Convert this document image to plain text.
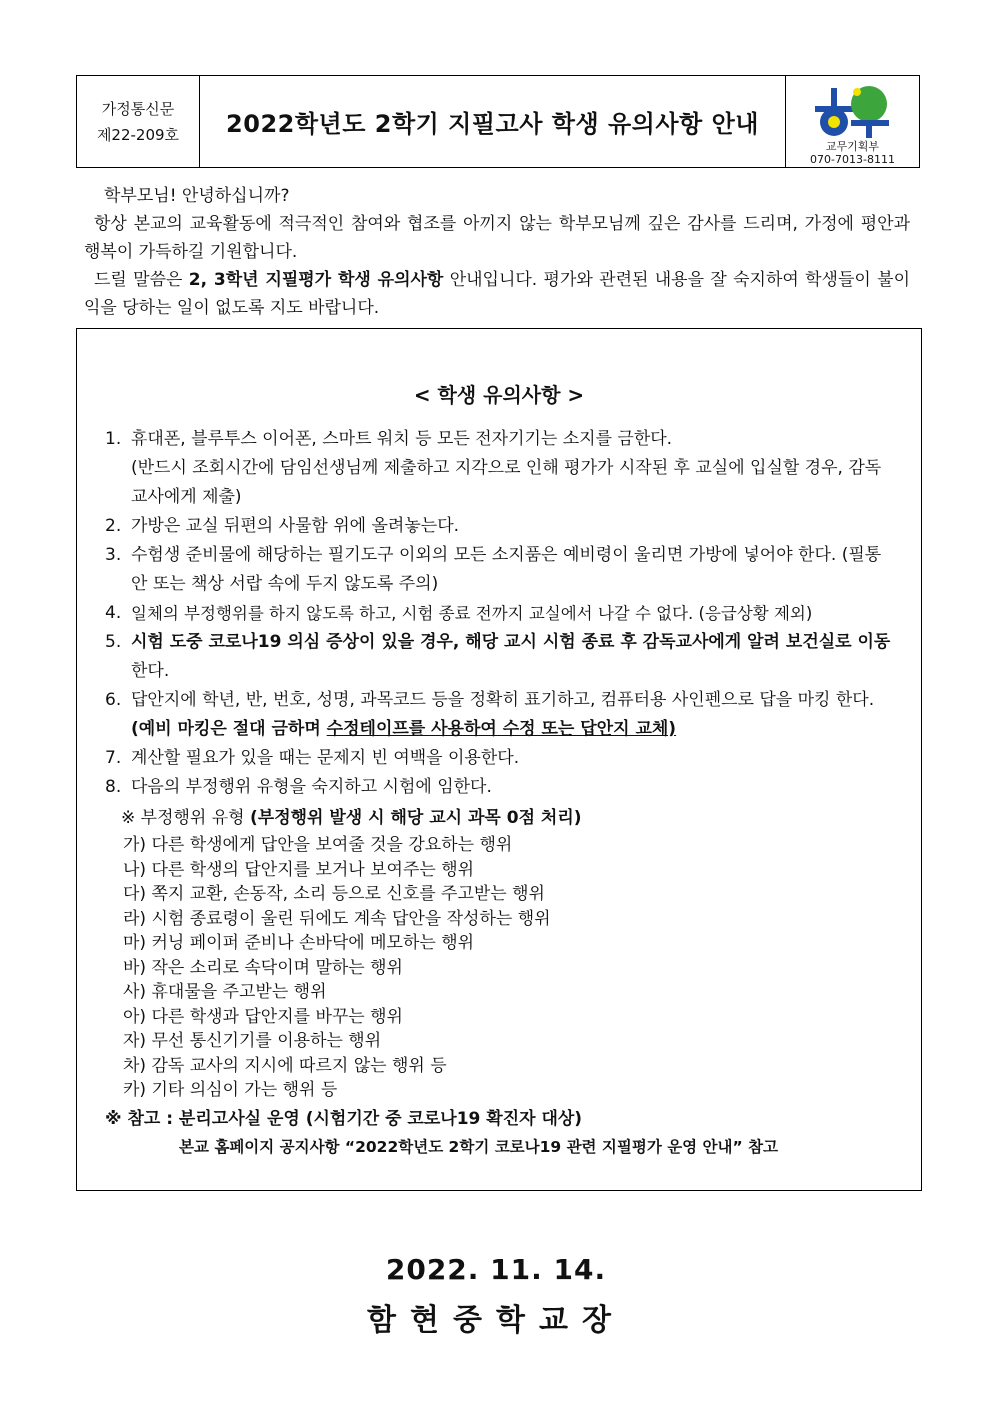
가정통신문
제22-209호 2022학년도 2학기 지필고사 학생 유의사항 안내
교무기획부
070-7013-8111

학부모님! 안녕하십니까?

항상 본교의 교육활동에 적극적인 참여와 협조를 아끼지 않는 학부모님께 깊은 감사를 드리며, 가정에 평안과 행복이 가득하길 기원합니다.

드릴 말씀은 2, 3학년 지필평가 학생 유의사항 안내입니다. 평가와 관련된 내용을 잘 숙지하여 학생들이 불이익을 당하는 일이 없도록 지도 바랍니다.

< 학생 유의사항 >
1. 휴대폰, 블루투스 이어폰, 스마트 워치 등 모든 전자기기는 소지를 금한다.
(반드시 조회시간에 담임선생님께 제출하고 지각으로 인해 평가가 시작된 후 교실에 입실할 경우, 감독교사에게 제출)
2. 가방은 교실 뒤편의 사물함 위에 올려놓는다.
3. 수험생 준비물에 해당하는 필기도구 이외의 모든 소지품은 예비령이 울리면 가방에 넣어야 한다. (필통 안 또는 책상 서랍 속에 두지 않도록 주의)
4. 일체의 부정행위를 하지 않도록 하고, 시험 종료 전까지 교실에서 나갈 수 없다. (응급상황 제외)
5. 시험 도중 코로나19 의심 증상이 있을 경우, 해당 교시 시험 종료 후 감독교사에게 알려 보건실로 이동한다.
6. 답안지에 학년, 반, 번호, 성명, 과목코드 등을 정확히 표기하고, 컴퓨터용 사인펜으로 답을 마킹 한다. (예비 마킹은 절대 금하며 수정테이프를 사용하여 수정 또는 답안지 교체)
7. 계산할 필요가 있을 때는 문제지 빈 여백을 이용한다.
8. 다음의 부정행위 유형을 숙지하고 시험에 임한다.
※ 부정행위 유형 (부정행위 발생 시 해당 교시 과목 0점 처리)
가) 다른 학생에게 답안을 보여줄 것을 강요하는 행위
나) 다른 학생의 답안지를 보거나 보여주는 행위
다) 쪽지 교환, 손동작, 소리 등으로 신호를 주고받는 행위
라) 시험 종료령이 울린 뒤에도 계속 답안을 작성하는 행위
마) 커닝 페이퍼 준비나 손바닥에 메모하는 행위
바) 작은 소리로 속닥이며 말하는 행위
사) 휴대물을 주고받는 행위
아) 다른 학생과 답안지를 바꾸는 행위
자) 무선 통신기기를 이용하는 행위
차) 감독 교사의 지시에 따르지 않는 행위 등
카) 기타 의심이 가는 행위 등
※ 참고 : 분리고사실 운영 (시험기간 중 코로나19 확진자 대상)
본교 홈페이지 공지사항 “2022학년도 2학기 코로나19 관련 지필평가 운영 안내” 참고
2022. 11. 14.
함현중학교장
